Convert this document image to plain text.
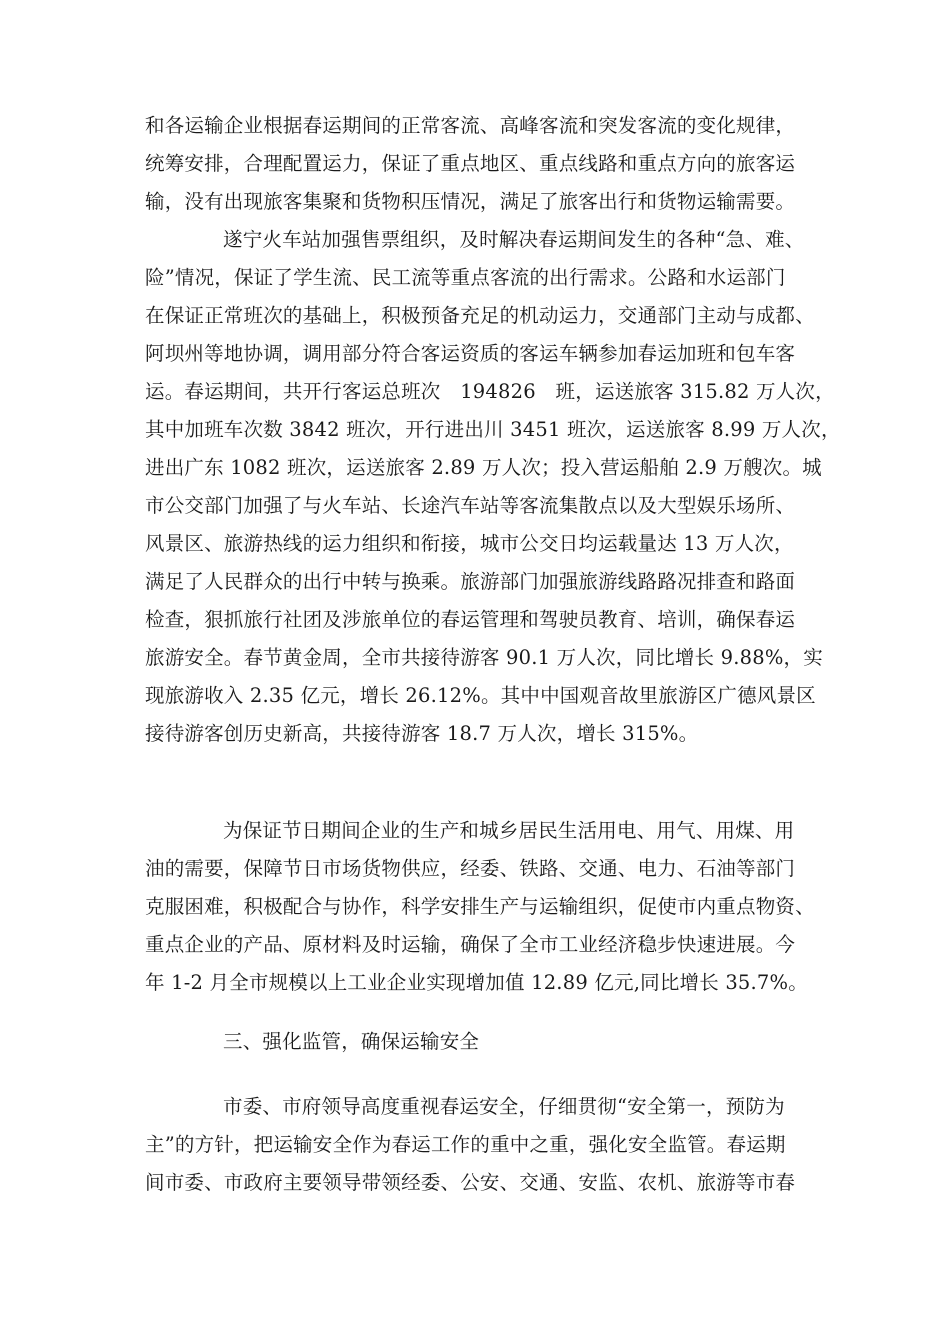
和各运输企业根据春运期间的正常客流、高峰客流和突发客流的变化规律，
统筹安排，合理配置运力，保证了重点地区、重点线路和重点方向的旅客运
输，没有出现旅客集聚和货物积压情况，满足了旅客出行和货物运输需要。
遂宁火车站加强售票组织，及时解决春运期间发生的各种“急、难、
险”情况，保证了学生流、民工流等重点客流的出行需求。公路和水运部门
在保证正常班次的基础上，积极预备充足的机动运力，交通部门主动与成都、
阿坝州等地协调，调用部分符合客运资质的客运车辆参加春运加班和包车客
运。春运期间，共开行客运总班次　194826　班，运送旅客 315.82 万人次，
其中加班车次数 3842 班次，开行进出川 3451 班次，运送旅客 8.99 万人次，
进出广东 1082 班次，运送旅客 2.89 万人次；投入营运船舶 2.9 万艘次。城
市公交部门加强了与火车站、长途汽车站等客流集散点以及大型娱乐场所、
风景区、旅游热线的运力组织和衔接，城市公交日均运载量达 13 万人次，
满足了人民群众的出行中转与换乘。旅游部门加强旅游线路路况排查和路面
检查，狠抓旅行社团及涉旅单位的春运管理和驾驶员教育、培训，确保春运
旅游安全。春节黄金周，全市共接待游客 90.1 万人次，同比增长 9.88%，实
现旅游收入 2.35 亿元，增长 26.12%。其中中国观音故里旅游区广德风景区
接待游客创历史新高，共接待游客 18.7 万人次，增长 315%。
为保证节日期间企业的生产和城乡居民生活用电、用气、用煤、用
油的需要，保障节日市场货物供应，经委、铁路、交通、电力、石油等部门
克服困难，积极配合与协作，科学安排生产与运输组织，促使市内重点物资、
重点企业的产品、原材料及时运输，确保了全市工业经济稳步快速进展。今
年 1-2 月全市规模以上工业企业实现增加值 12.89 亿元,同比增长 35.7%。
三、强化监管，确保运输安全
市委、市府领导高度重视春运安全，仔细贯彻“安全第一，预防为
主”的方针，把运输安全作为春运工作的重中之重，强化安全监管。春运期
间市委、市政府主要领导带领经委、公安、交通、安监、农机、旅游等市春
